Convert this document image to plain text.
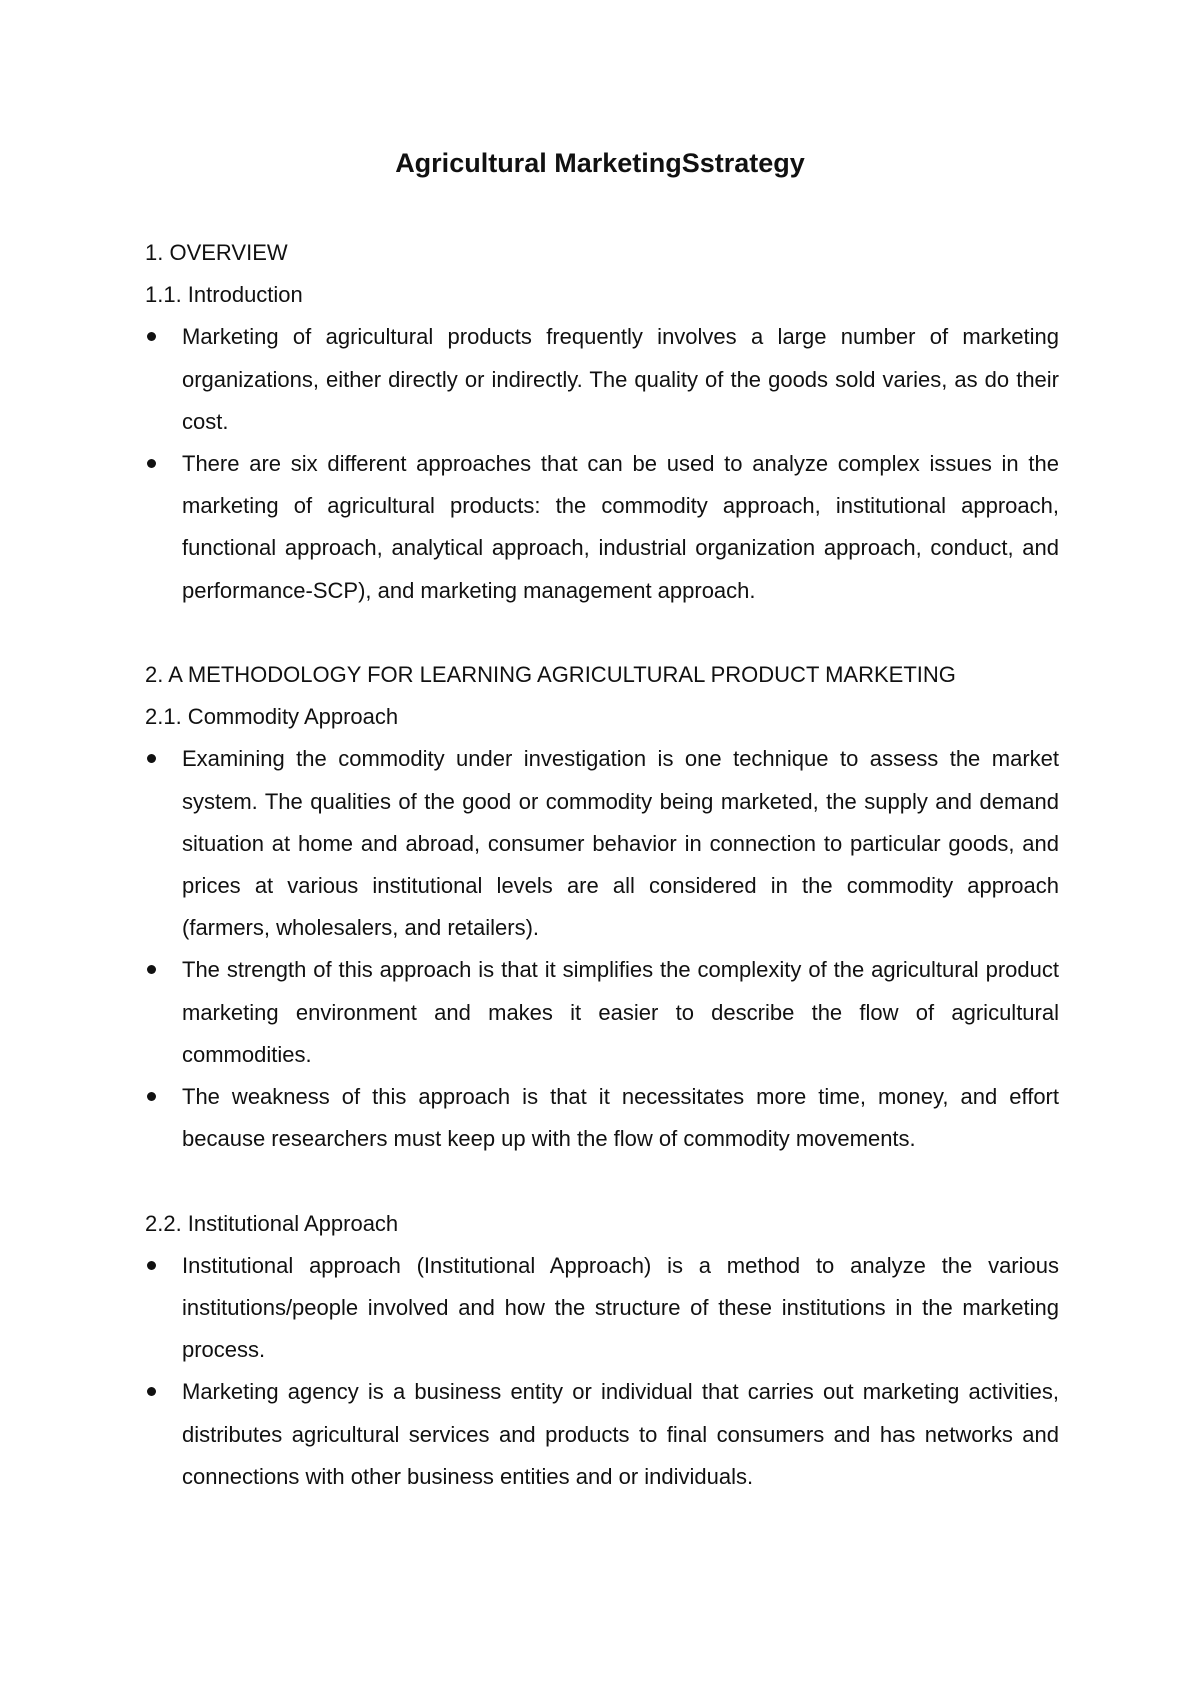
Agricultural MarketingSstrategy

1. OVERVIEW

1.1. Introduction

Marketing of agricultural products frequently involves a large number of marketing organizations, either directly or indirectly. The quality of the goods sold varies, as do their cost.
There are six different approaches that can be used to analyze complex issues in the marketing of agricultural products: the commodity approach, institutional approach, functional approach, analytical approach, industrial organization approach, conduct, and performance-SCP), and marketing management approach.

2. A METHODOLOGY FOR LEARNING AGRICULTURAL PRODUCT MARKETING

2.1. Commodity Approach

Examining the commodity under investigation is one technique to assess the market system. The qualities of the good or commodity being marketed, the supply and demand situation at home and abroad, consumer behavior in connection to particular goods, and prices at various institutional levels are all considered in the commodity approach (farmers, wholesalers, and retailers).
The strength of this approach is that it simplifies the complexity of the agricultural product marketing environment and makes it easier to describe the flow of agricultural commodities.
The weakness of this approach is that it necessitates more time, money, and effort because researchers must keep up with the flow of commodity movements.

2.2. Institutional Approach

Institutional approach (Institutional Approach) is a method to analyze the various institutions/people involved and how the structure of these institutions in the marketing process.
Marketing agency is a business entity or individual that carries out marketing activities, distributes agricultural services and products to final consumers and has networks and connections with other business entities and or individuals.
